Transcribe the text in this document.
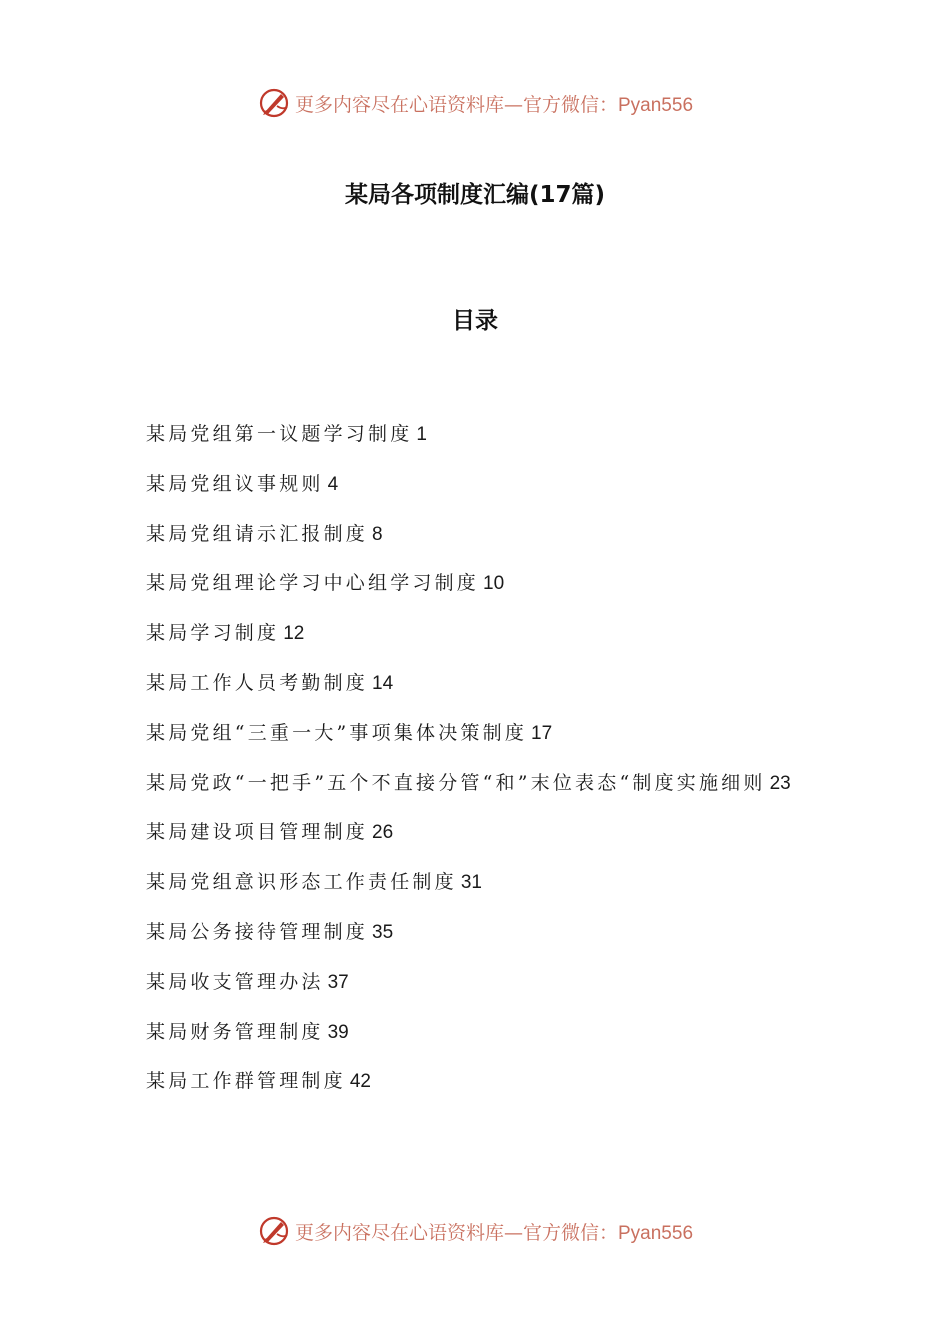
更多内容尽在心语资料库—官方微信：Pyan556
某局各项制度汇编(17篇)
目录
某局党组第一议题学习制度 1
某局党组议事规则 4
某局党组请示汇报制度 8
某局党组理论学习中心组学习制度 10
某局学习制度 12
某局工作人员考勤制度 14
某局党组“三重一大”事项集体决策制度 17
某局党政“一把手”五个不直接分管“和”末位表态“制度实施细则 23
某局建设项目管理制度 26
某局党组意识形态工作责任制度 31
某局公务接待管理制度 35
某局收支管理办法 37
某局财务管理制度 39
某局工作群管理制度 42
更多内容尽在心语资料库—官方微信：Pyan556
